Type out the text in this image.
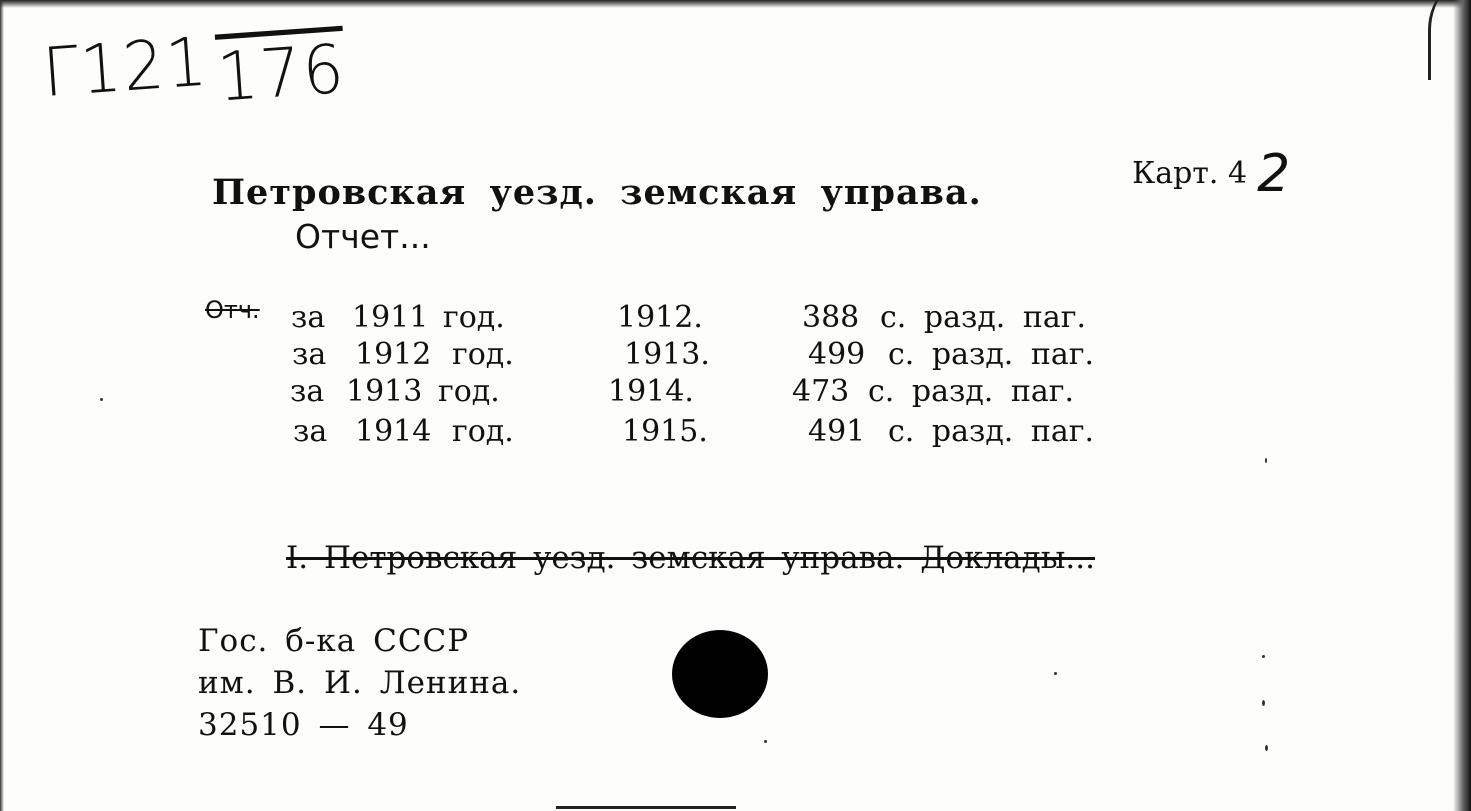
Г121176
Карт. 4 2
Петровская уезд. земская управа.
Отчет...
Отч. за 1911 год.	1912.	388 с. разд. паг.
за 1912 год.	1913.	499 с. разд. паг.
за 1913 год.	1914.	473 с. разд. паг.
за 1914 год.	1915.	491 с. разд. паг.
I. Петровская уезд. земская управа. Доклады...
Гос. б-ка СССР
им. В. И. Ленина.
32510 — 49
